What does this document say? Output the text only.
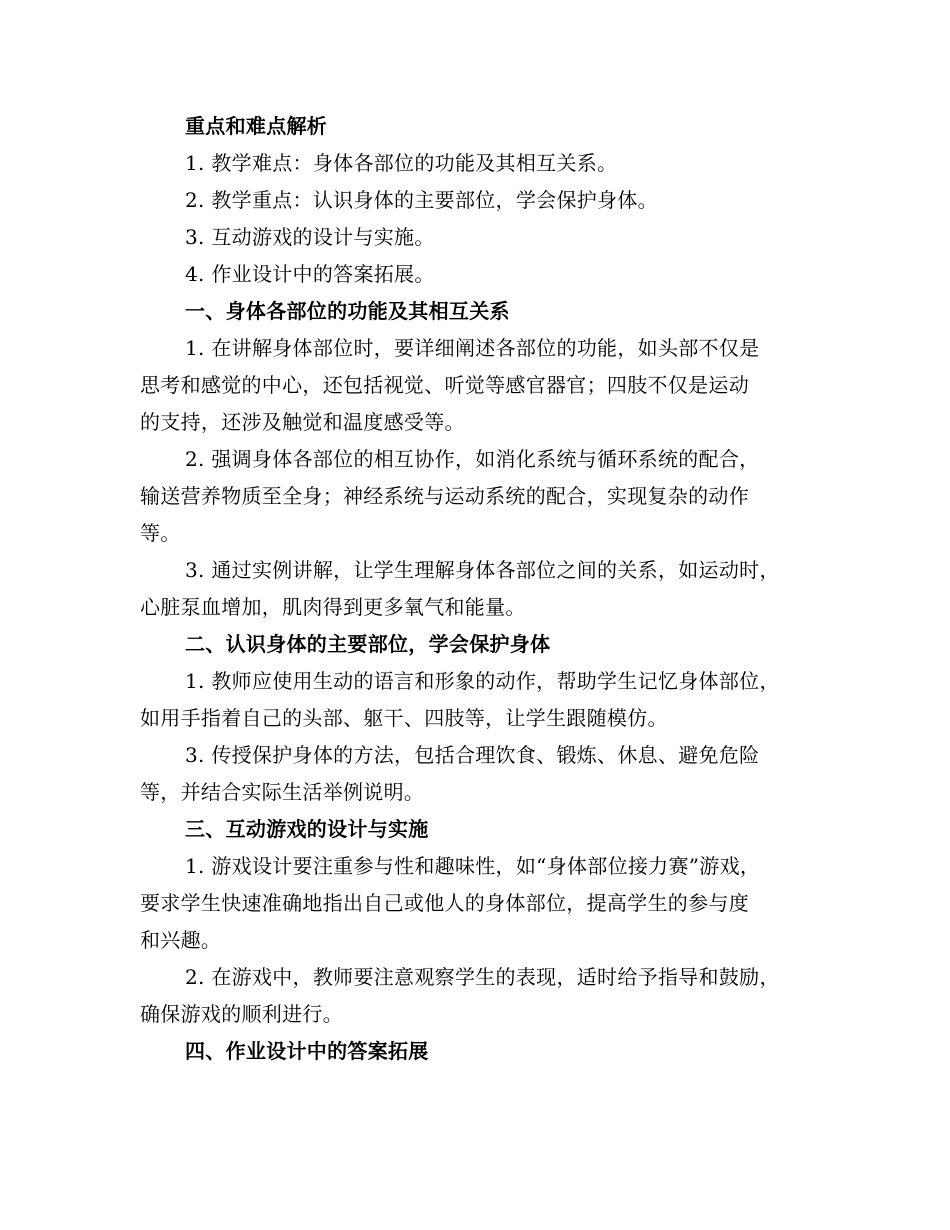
重点和难点解析
1. 教学难点：身体各部位的功能及其相互关系。
2. 教学重点：认识身体的主要部位，学会保护身体。
3. 互动游戏的设计与实施。
4. 作业设计中的答案拓展。
一、身体各部位的功能及其相互关系
1. 在讲解身体部位时，要详细阐述各部位的功能，如头部不仅是
思考和感觉的中心，还包括视觉、听觉等感官器官；四肢不仅是运动
的支持，还涉及触觉和温度感受等。
2. 强调身体各部位的相互协作，如消化系统与循环系统的配合，
输送营养物质至全身；神经系统与运动系统的配合，实现复杂的动作
等。
3. 通过实例讲解，让学生理解身体各部位之间的关系，如运动时，
心脏泵血增加，肌肉得到更多氧气和能量。
二、认识身体的主要部位，学会保护身体
1. 教师应使用生动的语言和形象的动作，帮助学生记忆身体部位，
如用手指着自己的头部、躯干、四肢等，让学生跟随模仿。
3. 传授保护身体的方法，包括合理饮食、锻炼、休息、避免危险
等，并结合实际生活举例说明。
三、互动游戏的设计与实施
1. 游戏设计要注重参与性和趣味性，如“身体部位接力赛”游戏，
要求学生快速准确地指出自己或他人的身体部位，提高学生的参与度
和兴趣。
2. 在游戏中，教师要注意观察学生的表现，适时给予指导和鼓励，
确保游戏的顺利进行。
四、作业设计中的答案拓展
